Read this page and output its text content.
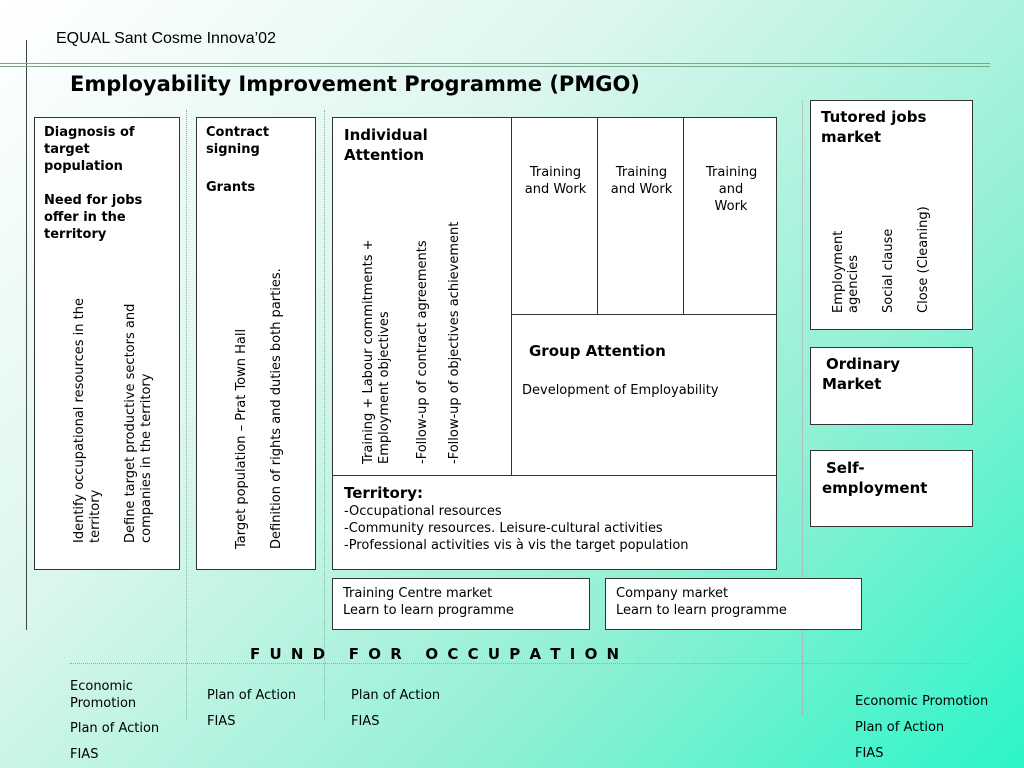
EQUAL Sant Cosme Innova’02
Employability Improvement Programme (PMGO)
Diagnosis of target population
Need for jobs offer in the territory
Identify occupational resources in the territory Define target productive sectors and companies in the territory
Contract signing
Grants
Target population – Prat Town Hall Definition of rights and duties both parties.
Individual Attention
Training + Labour commitments + Employment objectives -Follow-up of contract agreements -Follow-up of objectives achievement
Training and Work
Training and Work
Training and Work
Group Attention
Development of Employability
Territory:
-Occupational resources
-Community resources. Leisure-cultural activities
-Professional activities vis à vis the target population
Tutored jobs market
Employment agencies Social clause Close (Cleaning)
Ordinary Market
Self-employment
Training Centre market
Learn to learn programme
Company market
Learn to learn programme
F U N D   F O R   O C C U P A T I O N
Economic Promotion
Plan of Action
FIAS
Plan of Action
FIAS
Plan of Action
FIAS
Economic Promotion
Plan of Action
FIAS
